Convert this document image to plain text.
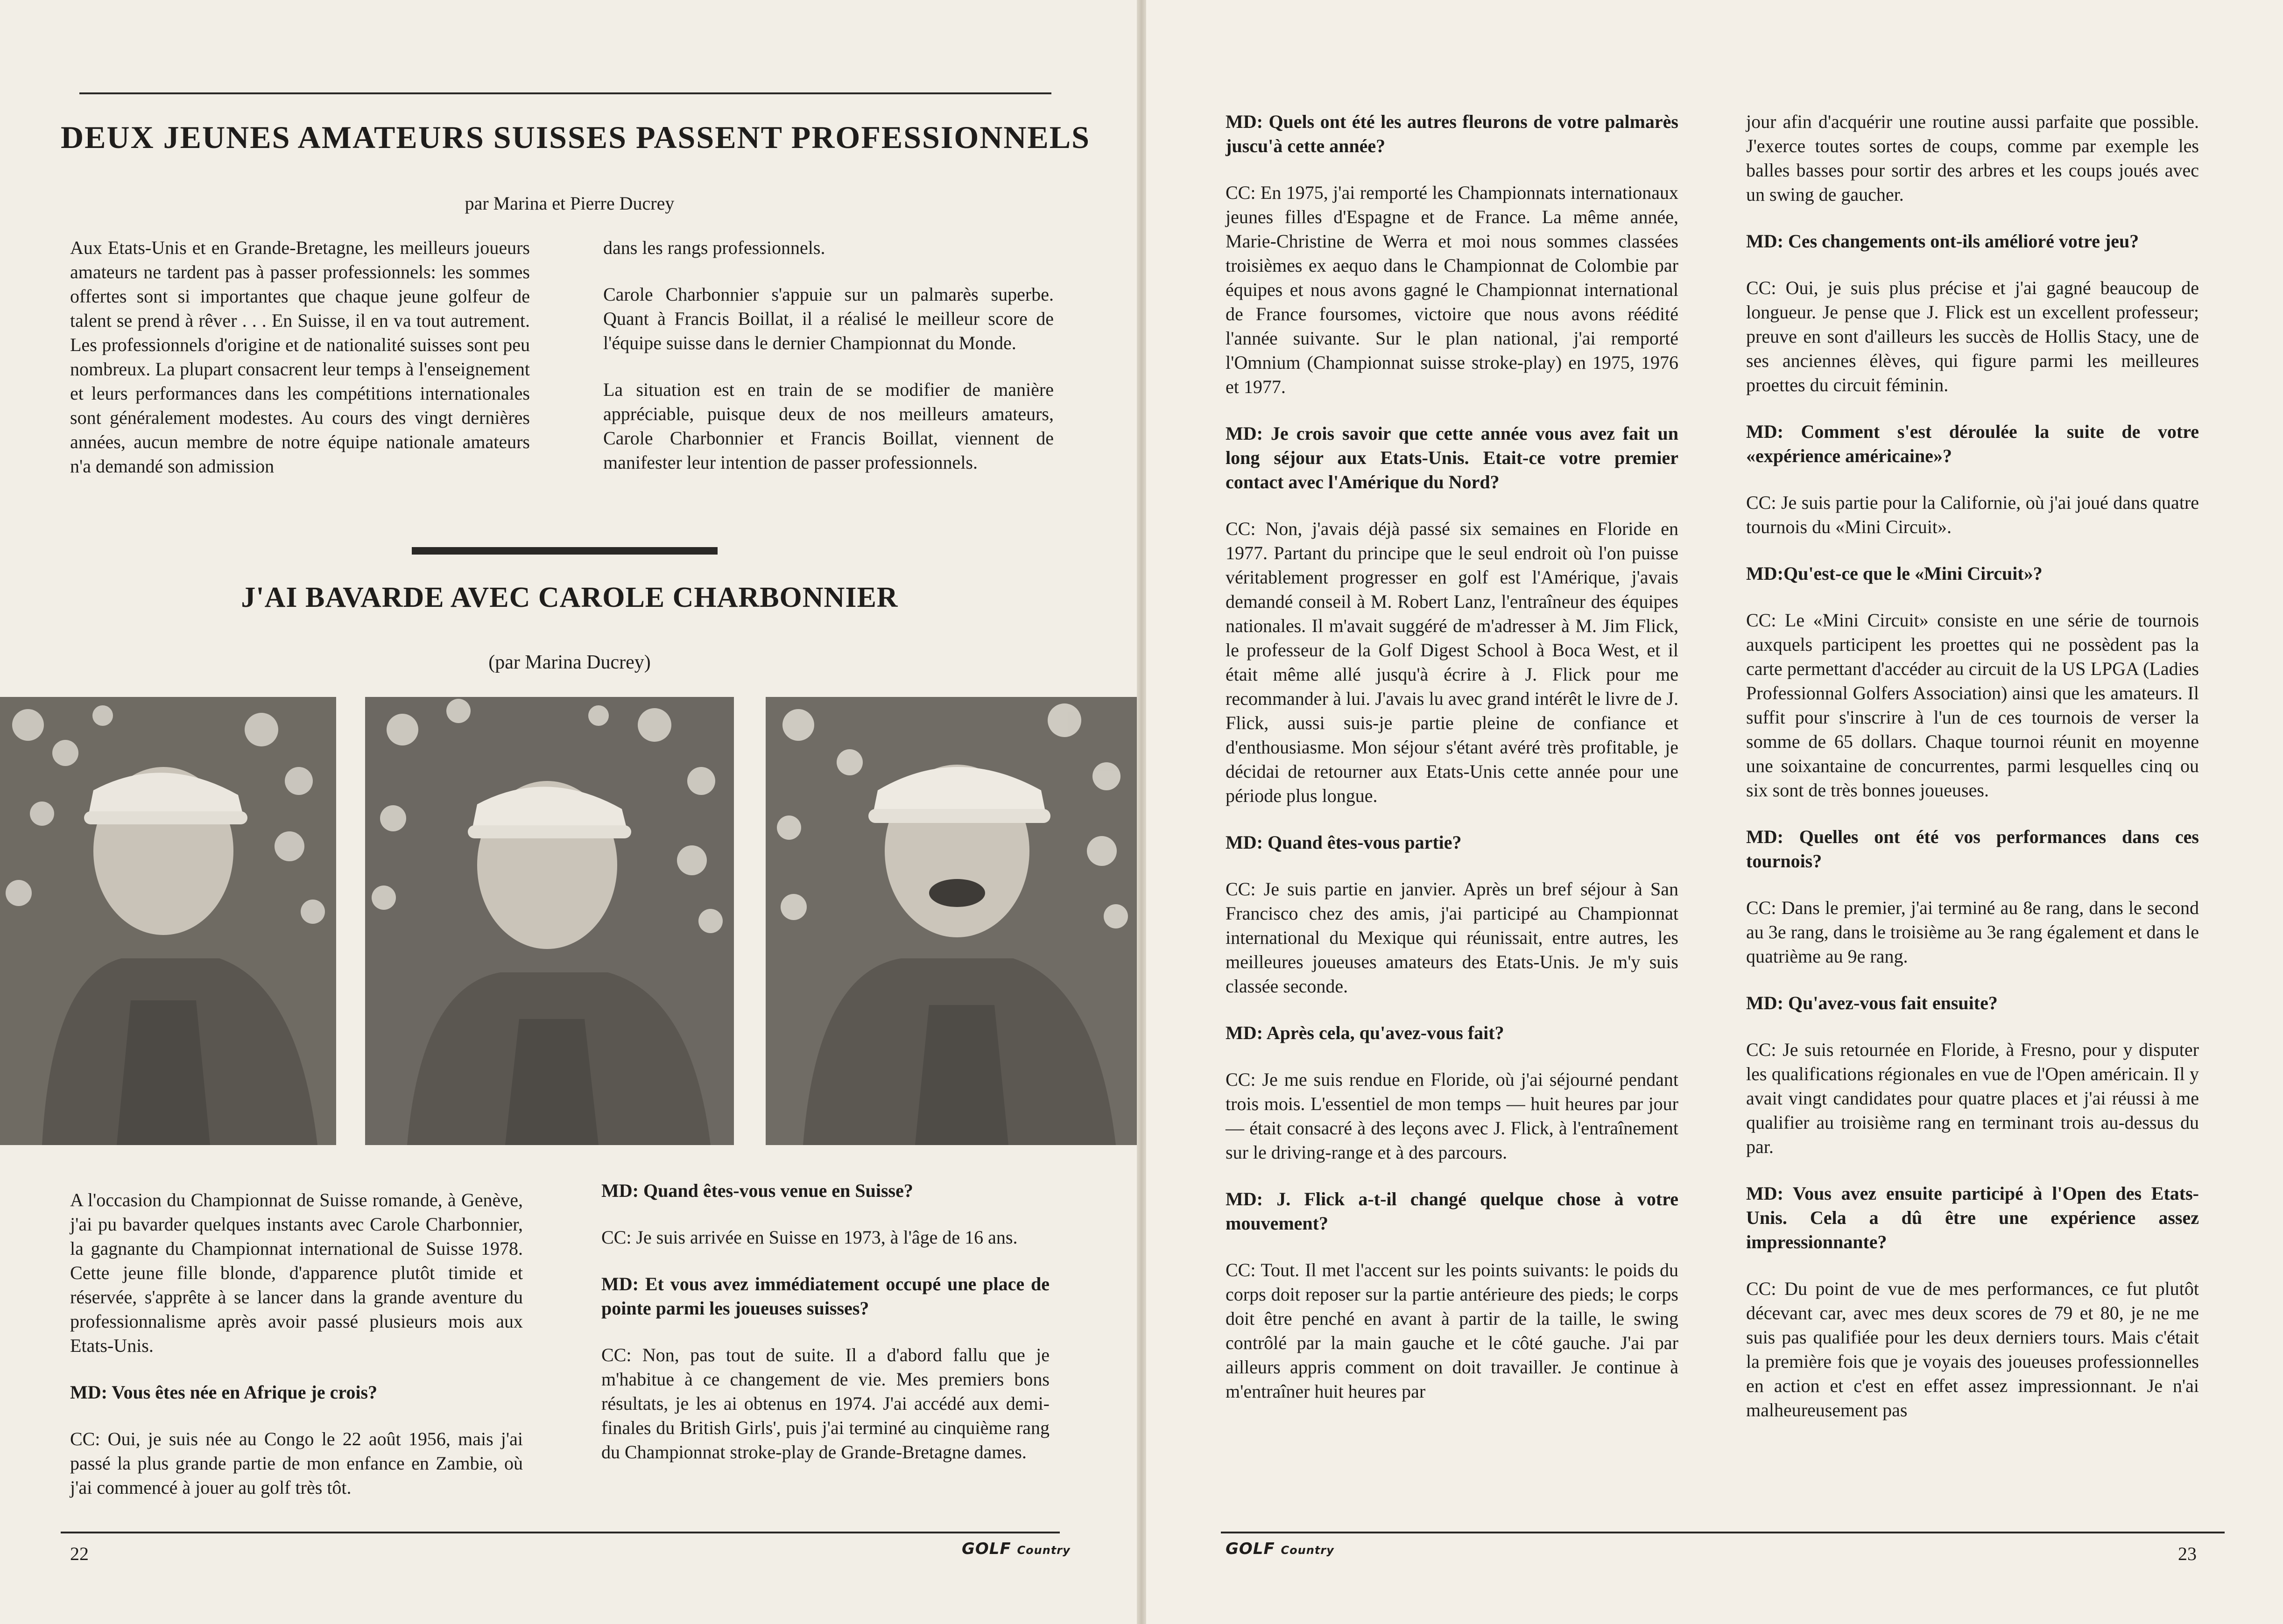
DEUX JEUNES AMATEURS SUISSES PASSENT PROFESSIONNELS
par Marina et Pierre Ducrey

Aux Etats-Unis et en Grande-Bretagne, les meilleurs joueurs amateurs ne tardent pas à passer professionnels: les sommes offertes sont si importantes que chaque jeune golfeur de talent se prend à rêver . . . En Suisse, il en va tout autrement. Les professionnels d'origine et de nationalité suisses sont peu nombreux. La plupart consacrent leur temps à l'enseignement et leurs performances dans les compétitions internationales sont généralement modestes. Au cours des vingt dernières années, aucun membre de notre équipe nationale amateurs n'a demandé son admission

dans les rangs professionnels.

Carole Charbonnier s'appuie sur un palmarès superbe. Quant à Francis Boillat, il a réalisé le meilleur score de l'équipe suisse dans le dernier Championnat du Monde.

La situation est en train de se modifier de manière appréciable, puisque deux de nos meilleurs amateurs, Carole Charbonnier et Francis Boillat, viennent de manifester leur intention de passer professionnels.

J'AI BAVARDE AVEC CAROLE CHARBONNIER
(par Marina Ducrey)

A l'occasion du Championnat de Suisse romande, à Genève, j'ai pu bavarder quelques instants avec Carole Charbonnier, la gagnante du Championnat international de Suisse 1978. Cette jeune fille blonde, d'apparence plutôt timide et réservée, s'apprête à se lancer dans la grande aventure du professionnalisme après avoir passé plusieurs mois aux Etats-Unis.

MD: Vous êtes née en Afrique je crois?

CC: Oui, je suis née au Congo le 22 août 1956, mais j'ai passé la plus grande partie de mon enfance en Zambie, où j'ai commencé à jouer au golf très tôt.

MD: Quand êtes-vous venue en Suisse?

CC: Je suis arrivée en Suisse en 1973, à l'âge de 16 ans.

MD: Et vous avez immédiatement occupé une place de pointe parmi les joueuses suisses?

CC: Non, pas tout de suite. Il a d'abord fallu que je m'habitue à ce changement de vie. Mes premiers bons résultats, je les ai obtenus en 1974. J'ai accédé aux demi-finales du British Girls', puis j'ai terminé au cinquième rang du Championnat stroke-play de Grande-Bretagne dames.

22	GOLF Country

MD: Quels ont été les autres fleurons de votre palmarès juscu'à cette année?

CC: En 1975, j'ai remporté les Championnats internationaux jeunes filles d'Espagne et de France. La même année, Marie-Christine de Werra et moi nous sommes classées troisièmes ex aequo dans le Championnat de Colombie par équipes et nous avons gagné le Championnat international de France foursomes, victoire que nous avons réédité l'année suivante. Sur le plan national, j'ai remporté l'Omnium (Championnat suisse stroke-play) en 1975, 1976 et 1977.

MD: Je crois savoir que cette année vous avez fait un long séjour aux Etats-Unis. Etait-ce votre premier contact avec l'Amérique du Nord?

CC: Non, j'avais déjà passé six semaines en Floride en 1977. Partant du principe que le seul endroit où l'on puisse véritablement progresser en golf est l'Amérique, j'avais demandé conseil à M. Robert Lanz, l'entraîneur des équipes nationales. Il m'avait suggéré de m'adresser à M. Jim Flick, le professeur de la Golf Digest School à Boca West, et il était même allé jusqu'à écrire à J. Flick pour me recommander à lui. J'avais lu avec grand intérêt le livre de J. Flick, aussi suis-je partie pleine de confiance et d'enthousiasme. Mon séjour s'étant avéré très profitable, je décidai de retourner aux Etats-Unis cette année pour une période plus longue.

MD: Quand êtes-vous partie?

CC: Je suis partie en janvier. Après un bref séjour à San Francisco chez des amis, j'ai participé au Championnat international du Mexique qui réunissait, entre autres, les meilleures joueuses amateurs des Etats-Unis. Je m'y suis classée seconde.

MD: Après cela, qu'avez-vous fait?

CC: Je me suis rendue en Floride, où j'ai séjourné pendant trois mois. L'essentiel de mon temps — huit heures par jour — était consacré à des leçons avec J. Flick, à l'entraînement sur le driving-range et à des parcours.

MD: J. Flick a-t-il changé quelque chose à votre mouvement?

CC: Tout. Il met l'accent sur les points suivants: le poids du corps doit reposer sur la partie antérieure des pieds; le corps doit être penché en avant à partir de la taille, le swing contrôlé par la main gauche et le côté gauche. J'ai par ailleurs appris comment on doit travailler. Je continue à m'entraîner huit heures par

jour afin d'acquérir une routine aussi parfaite que possible. J'exerce toutes sortes de coups, comme par exemple les balles basses pour sortir des arbres et les coups joués avec un swing de gaucher.

MD: Ces changements ont-ils amélioré votre jeu?

CC: Oui, je suis plus précise et j'ai gagné beaucoup de longueur. Je pense que J. Flick est un excellent professeur; preuve en sont d'ailleurs les succès de Hollis Stacy, une de ses anciennes élèves, qui figure parmi les meilleures proettes du circuit féminin.

MD: Comment s'est déroulée la suite de votre «expérience américaine»?

CC: Je suis partie pour la Californie, où j'ai joué dans quatre tournois du «Mini Circuit».

MD:Qu'est-ce que le «Mini Circuit»?

CC: Le «Mini Circuit» consiste en une série de tournois auxquels participent les proettes qui ne possèdent pas la carte permettant d'accéder au circuit de la US LPGA (Ladies Professionnal Golfers Association) ainsi que les amateurs. Il suffit pour s'inscrire à l'un de ces tournois de verser la somme de 65 dollars. Chaque tournoi réunit en moyenne une soixantaine de concurrentes, parmi lesquelles cinq ou six sont de très bonnes joueuses.

MD: Quelles ont été vos performances dans ces tournois?

CC: Dans le premier, j'ai terminé au 8e rang, dans le second au 3e rang, dans le troisième au 3e rang également et dans le quatrième au 9e rang.

MD: Qu'avez-vous fait ensuite?

CC: Je suis retournée en Floride, à Fresno, pour y disputer les qualifications régionales en vue de l'Open américain. Il y avait vingt candidates pour quatre places et j'ai réussi à me qualifier au troisième rang en terminant trois au-dessus du par.

MD: Vous avez ensuite participé à l'Open des Etats-Unis. Cela a dû être une expérience assez impressionnante?

CC: Du point de vue de mes performances, ce fut plutôt décevant car, avec mes deux scores de 79 et 80, je ne me suis pas qualifiée pour les deux derniers tours. Mais c'était la première fois que je voyais des joueuses professionnelles en action et c'est en effet assez impressionnant. Je n'ai malheureusement pas

GOLF Country	23
